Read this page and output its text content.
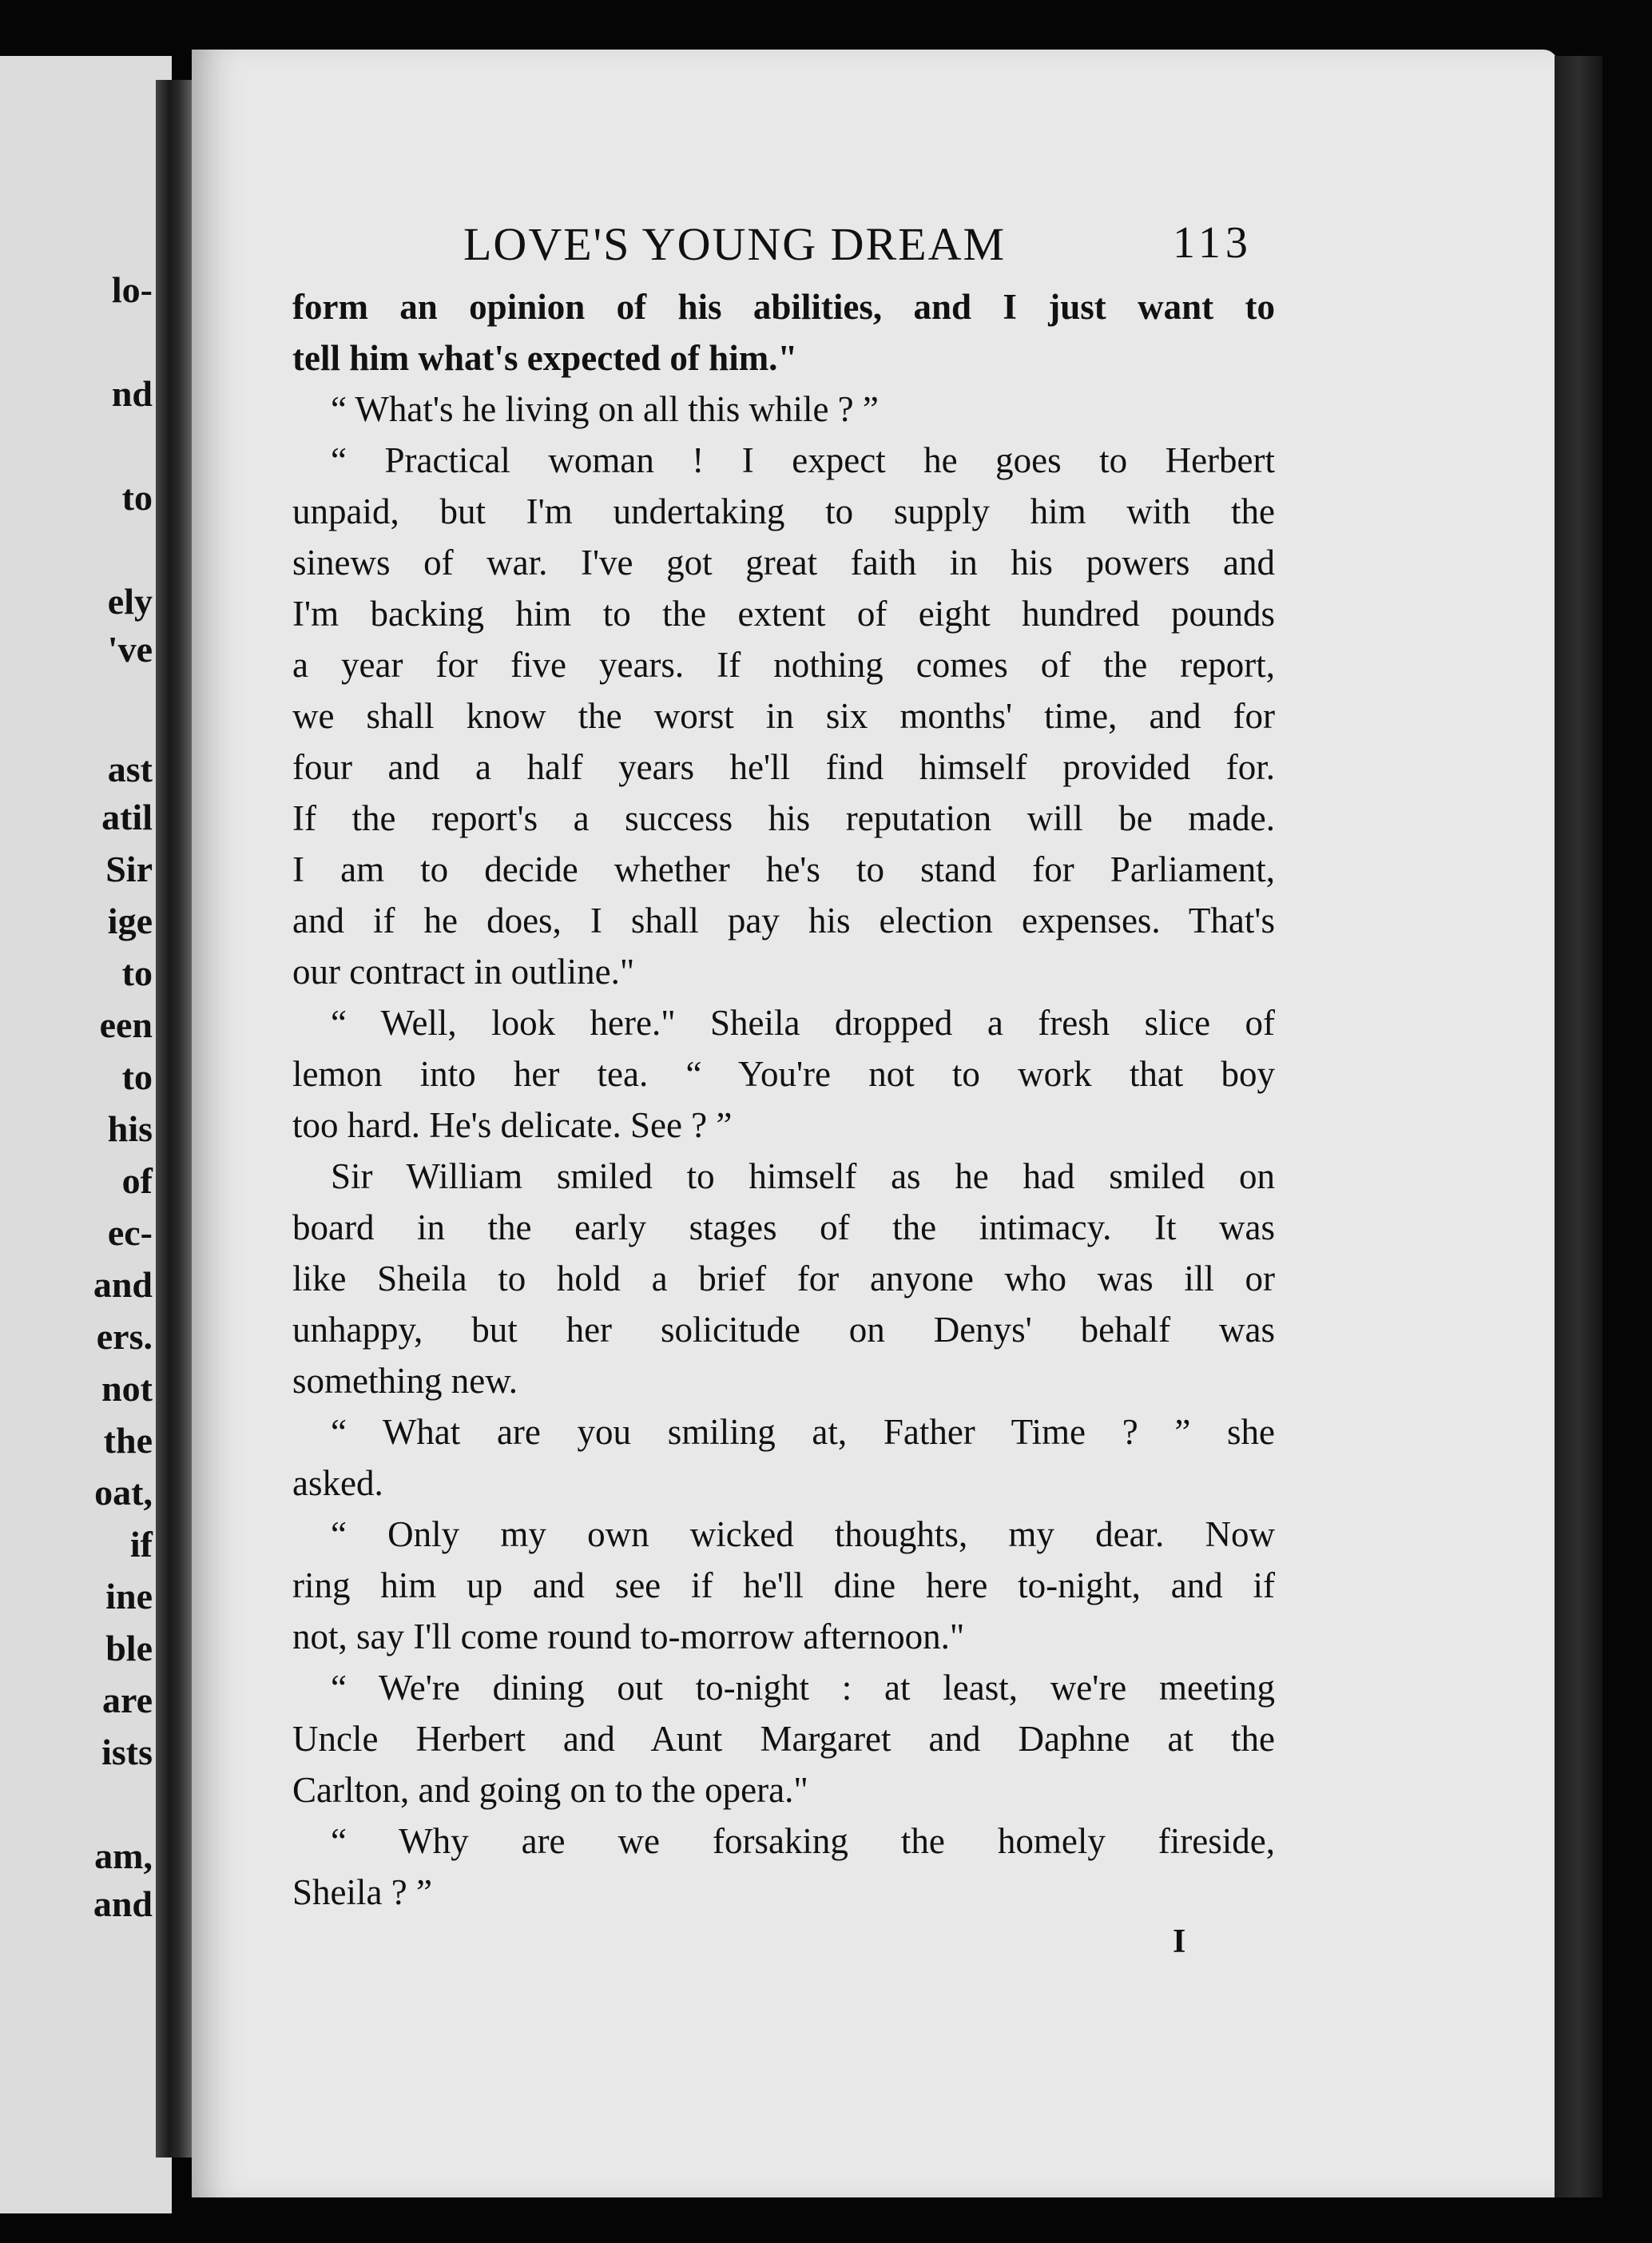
lo-
nd
to
ely
've
ast
atil
Sir
ige
to
een
to
his
of
ec-
and
ers.
not
the
oat,
if
ine
ble
are
ists
am,
and
LOVE'S YOUNG DREAM	113
form an opinion of his abilities, and I just want to
tell him what's expected of him."
“ What's he living on all this while ? ”
“ Practical woman ! I expect he goes to Herbert
unpaid, but I'm undertaking to supply him with the
sinews of war. I've got great faith in his powers and
I'm backing him to the extent of eight hundred pounds
a year for five years. If nothing comes of the report,
we shall know the worst in six months' time, and for
four and a half years he'll find himself provided for.
If the report's a success his reputation will be made.
I am to decide whether he's to stand for Parliament,
and if he does, I shall pay his election expenses. That's
our contract in outline."
“ Well, look here." Sheila dropped a fresh slice of
lemon into her tea. “ You're not to work that boy
too hard. He's delicate. See ? ”
Sir William smiled to himself as he had smiled on
board in the early stages of the intimacy. It was
like Sheila to hold a brief for anyone who was ill or
unhappy, but her solicitude on Denys' behalf was
something new.
“ What are you smiling at, Father Time ? ” she
asked.
“ Only my own wicked thoughts, my dear. Now
ring him up and see if he'll dine here to-night, and if
not, say I'll come round to-morrow afternoon."
“ We're dining out to-night : at least, we're meeting
Uncle Herbert and Aunt Margaret and Daphne at the
Carlton, and going on to the opera."
“ Why are we forsaking the homely fireside,
Sheila ? ”
I
